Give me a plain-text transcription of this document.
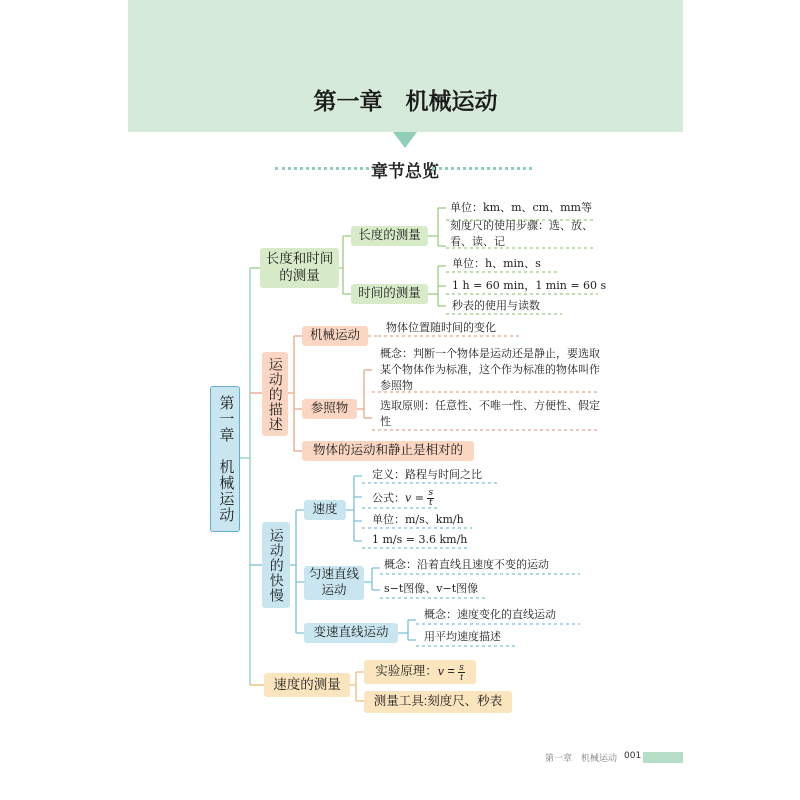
第一章　机械运动
章节总览
第一章　机械运动
长度和时间的测量
长度的测量
单位：km、m、cm、mm等
刻度尺的使用步骤：选、放、看、读、记
时间的测量
单位：h、min、s
1 h = 60 min，1 min = 60 s
秒表的使用与读数
运动的描述
机械运动
物体位置随时间的变化
参照物
概念：判断一个物体是运动还是静止，要选取某个物体作为标准，这个作为标准的物体叫作参照物
选取原则：任意性、不唯一性、方便性、假定性
物体的运动和静止是相对的
运动的快慢
速度
定义：路程与时间之比
公式：$v = \frac{s}{t}$
单位：m/s、km/h
1 m/s = 3.6 km/h
匀速直线运动
概念：沿着直线且速度不变的运动
s−t图像、v−t图像
变速直线运动
概念：速度变化的直线运动
用平均速度描述
速度的测量
实验原理： v
=
$\frac{s}{t}$
测量工具:刻度尺、秒表
第一章　机械运动 001
